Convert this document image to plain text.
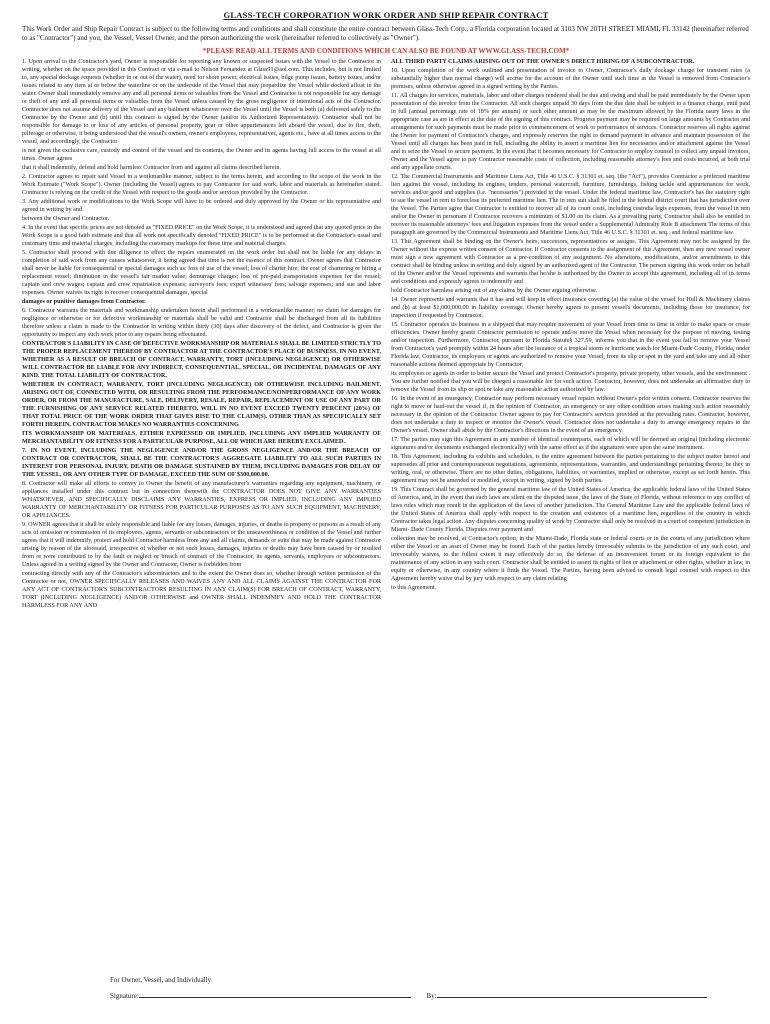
GLASS-TECH CORPORATION WORK ORDER AND SHIP REPAIR CONTRACT
This Work Order and Ship Repair Contract is subject to the following terms and conditions and shall constitute the entire contract between Glass-Tech Corp., a Florida corporation located at 3103 NW 20TH STREET MIAMI, FL 33142 (hereinafter referred to as "Contractor") and you, the Vessel, Vessel Owner, and the person authorizing the work (hereinafter referred to collectively as "Owner").
*PLEASE READ ALL TERMS AND CONDITIONS WHICH CAN ALSO BE FOUND AT WWW.GLASS-TECH.COM*

1. Upon arrival to the Contractor's yard, Owner is responsible for reporting any known or suspected issues with the Vessel to the Contractor in writing, whether on the space provided in this Contract or via e-mail to Nelson Fernandez at Glass91@aol.com. This includes, but is not limited to, any special dockage requests (whether in or out of the water), need for shore power, electrical issues, bilge pump issues, battery issues, and/or issues related to any item at or below the waterline or on the underside of the Vessel that may jeopardize the Vessel while docked afloat in the water. Owner shall immediately remove any and all personal items or valuables from the Vessel and Contractor is not responsible for any damage or theft of any and all personal items or valuables from the Vessel unless caused by the gross negligence or intentional acts of the Contractor. Contractor does not assume delivery of the Vessel and any bailment whatsoever over the Vessel until the Vessel is both (a) delivered safely to the Contractor by the Owner and (b) until this contract is signed by the Owner (and/or its Authorized Representative). Contractor shall not be responsible for damage to or loss of any articles of personal property, gear or other appurtenances left aboard the vessel, due to fire, theft, pilferage or otherwise, it being understood that the vessel's owners, owner's employees, representatives, agents etc., have at all times access to the vessel, and accordingly, the Contractor

is not given the exclusive care, custody and control of the vessel and its contents, the Owner and its agents having full access to the vessel at all times. Owner agrees

that it shall indemnify, defend and hold harmless Contractor from and against all claims described herein.

2. Contractor agrees to repair said Vessel in a workmanlike manner, subject to the terms herein, and according to the scope of the work in the Work Estimate ("Work Scope"). Owner (including the Vessel) agrees to pay Contractor for said work, labor and materials as hereinafter stated. Contractor is relying on the credit of the Vessel with respect to the goods and/or services provided by the Contractor.

3. Any additional work or modifications to the Work Scope will have to be ordered and duly approved by the Owner or his representative and agreed in writing by and

between the Owner and Contractor.

4. In the event that specific prices are not denoted as "FIXED PRICE" on the Work Scope, it is understood and agreed that any quoted price in the Work Scope is a good faith estimate and that all work not specifically denoted "FIXED PRICE" is to be performed at the Contractor's usual and customary time and material charges, including the customary markups for these time and material charges.

5. Contractor shall proceed with due diligence to effect the repairs enumerated on the work order but shall not be liable for any delays in completion of said work from any causes whatsoever, it being agreed that time is not the essence of this contract. Owner agrees that Contractor shall never be liable for consequential or special damages such as: loss of use of the vessel; loss of charter hire; the cost of chartering or hiring a replacement vessel; diminution in the vessel's fair market value; demurrage charges; loss of pre-paid transportation expenses for the vessel; captain and crew wages; captain and crew repatriation expenses; surveyor's fees; expert witnesses' fees; salvage expenses; and sue and labor expenses. Owner waives its right to recover consequential damages, special

damages or punitive damages from Contractor.

6. Contractor warrants the materials and workmanship undertaken herein shall performed in a workmanlike manner; no claim for damages for negligence or otherwise or for defective workmanship or materials shall be valid and Contractor shall be discharged from all its liabilities therefore unless a claim is made to the Contractor in writing within thirty (30) days after discovery of the defect, and Contractor is given the opportunity to inspect any such work prior to any repairs being effectuated.

CONTRACTOR'S LIABILITY IN CASE OF DEFECTIVE WORKMANSHIP OR MATERIALS SHALL BE LIMITED STRICTLY TO THE PROPER REPLACEMENT THEREOF BY CONTRACTOR AT THE CONTRACTOR'S PLACE OF BUSINESS. IN NO EVENT, WHETHER AS A RESULT OF BREACH OF CONTRACT, WARRANTY, TORT (INCLUDING NEGLIGENCE) OR OTHERWISE WILL CONTRACTOR BE LIABLE FOR ANY INDIRECT, CONSEQUENTIAL, SPECIAL, OR INCIDENTAL DAMAGES OF ANY KIND. THE TOTAL LIABILITY OF CONTRACTOR,

WHETHER IN CONTRACT, WARRANTY, TORT (INCLUDING NEGLIGENCE) OR OTHERWISE INCLUDING BAILMENT, ARISING OUT OF, CONNECTED WITH, OR RESULTING FROM THE PERFORMANCE/NONPERFORMANCE OF ANY WORK ORDER, OR FROM THE MANUFACTURE, SALE, DELIVERY, RESALE, REPAIR, REPLACEMENT OR USE OF ANY PART OR THE FURNISHING OF ANY SERVICE RELATED THERETO, WILL IN NO EVENT EXCEED TWENTY PERCENT (20%) OF THAT TOTAL PRICE OF THE WORK ORDER THAT GIVES RISE TO THE CLAIM(S). OTHER THAN AS SPECIFICALLY SET FORTH HEREIN, CONTRACTOR MAKES NO WARRANTIES CONCERNING

ITS WORKMANSHIP OR MATERIALS, EITHER EXPRESSED OR IMPLIED, INCLUDING ANY IMPLIED WARRANTY OF MERCHANTABILITY OR FITNESS FOR A PARTICULAR PURPOSE, ALL OF WHICH ARE HEREBY EXCLAIMED.

7. IN NO EVENT, INCLUDING THE NEGLIGENCE AND/OR THE GROSS NEGLIGENCE AND/OR THE BREACH OF CONTRACT OR CONTRACTOR, SHALL BE THE CONTRACTOR'S AGGREGATE LIABILITY TO ALL SUCH PARTIES IN INTEREST FOR PERSONAL INJURY, DEATH OR DAMAGE SUSTAINED BY THEM, INCLUDING DAMAGES FOR DELAY OF THE VESSEL, OR ANY OTHER TYPE OF DAMAGE, EXCEED THE SUM OF $300,000.00.

8. Contractor will make all efforts to convey to Owner the benefit of any manufacturer's warranties regarding any equipment, machinery, or appliances installed under this contract but in connection therewith the CONTRACTOR DOES NOT GIVE ANY WARRANTIES WHATSOEVER, AND SPECIFICALLY DISCLAIMS ANY WARRANTIES, EXPRESS OR IMPLIED, INCLUDING ANY IMPLIED WARRANTY OF MERCHANTABILITY OR FITNESS FOR PARTICULAR PURPOSES AS TO ANY SUCH EQUIPMENT, MACHINERY, OR APPLIANCES.

9. OWNER agrees that it shall be solely responsible and liable for any losses, damages, injuries, or deaths to property or persons as a result of any acts of omission or commission of its employees, agents, servants or subcontractors or the unseaworthiness or condition of the Vessel and further agrees that it will indemnify, protect and hold Contractor harmless from any and all claims, demands or suits that may be made against Contractor arising by reason of the aforesaid, irrespective of whether or not such losses, damages, injuries or deaths may have been caused by or resulted from or were contributed to by the fault or neglect or breach of contract of the Contractor, its agents, servants, employees or subcontractors. Unless agreed in a writing signed by the Owner and Contractor, Owner is forbidden from

contracting directly with any of the Contractor's subcontractors and to the extent the Owner does so, whether through written permission of the Contractor or not, OWNER SPECIFICALLY RELEASES AND WAIVES ANY AND ALL CLAIMS AGAINST THE CONTRACTOR FOR ANY ACT OF CONTRACTOR'S SUBCONTRACTORS RESULTING IN ANY CLAIM(S) FOR BREACH OF CONTRACT, WARRANTY, TORT (INCLUDING NEGLIGENCE) AND/OR OTHERWISE and OWNER SHALL INDEMNIFY AND HOLD THE CONTRACTOR HARMLESS FOR ANY AND

ALL THIRD PARTY CLAIMS ARISING OUT OF THE OWNER'S DIRECT HIRING OF A SUBCONTRACTOR.

10. Upon completion of the work outlined and presentation of invoice to Owner, Contractor's daily dockage charge for transient rates (a substantially higher than normal charge) will accrue for the account of the Owner until such time as the Vessel is removed from Contractor's premises, unless otherwise agreed in a signed writing by the Parties.

11. All charges for services, materials, labor and other charges rendered shall be due and owing and shall be paid immediately by the Owner upon presentation of the invoice from the Contractor. All such charges unpaid 30 days from the due date shall be subject to a finance charge, until paid in full (annual percentage rate of 18% per annum) or such other amount as may be the maximum allowed by the Florida usury laws in the appropriate case as are in effect at the date of the signing of this contract. Progress payment may be required on large amounts by Contractor and arrangements for such payments must be made prior to commencement of work or performance of services. Contractor reserves all rights against the Owner for payment of Contractor's charges, and expressly reserves the right to demand payment in advance and maintain possession of the Vessel until all charges has been paid in full, including the ability to assert a maritime lien for necessaries and/or attachment against the Vessel and to seize the Vessel to secure payment. In the event that it becomes necessary for Contractor to employ counsel to collect any unpaid invoices, Owner and the Vessel agree to pay Contractor reasonable costs of collection, including reasonable attorney's fees and costs incurred, at both trial and any appellate courts.

12. The Commercial Instruments and Maritime Liens Act, Title 46 U.S.C. § 31301 et. seq. (the "Act"), provides Contractor a preferred maritime lien against the vessel, including its engines, tenders, personal watercraft, furniture, furnishings, fishing tackle and appurtenances for work, services and/or good and supplies (i.e. "necessaries") provided to the vessel. Under the federal maritime law, Contractor's has the statutory right to sue the vessel in rem to foreclose its preferred maritime lien. The in rem suit shall be filed in the federal district court that has jurisdiction over the Vessel. The Parties agree that Contractor is entitled to recover all of its court costs, including custodia legis expenses, from the vessel in rem and/or the Owner in personam if Contractor recovers a minimum of $1.00 on its claim. As a prevailing party, Contractor shall also be entitled to recover its reasonable attorneys' fees and litigation expenses from the vessel under a Supplemental Admiralty Rule B attachment The terms of this paragraph are governed by the Commercial Instruments and Maritime Liens Act, Title 46 U.S.C. § 31301 et. seq., and federal maritime law.

13. This Agreement shall be binding on the Owner's heirs, successors, representatives or assigns. This Agreement may not be assigned by the Owner without the express written consent of Contractor. If Contractor consents to the assignment of this Agreement, then any new vessel owner must sign a new agreement with Contractor as a pre-condition of any assignment. No alterations, modifications, and/or amendments to this contract shall be binding unless in writing and duly signed by an authorized agent of the Contractor. The person signing this work order on behalf of the Owner and/or the Vessel represents and warrants that he/she is authorized by the Owner to accept this agreement, including all of its terms and conditions and expressly agrees to indemnify and

hold Contractor harmless arising out of any claims by the Owner arguing otherwise.

14. Owner represents and warrants that it has and will keep in effect insurance covering (a) the value of the vessel for Hull & Machinery claims and (b) at least $1,000,000.00 in liability coverage. Owner hereby agrees to present vessel's documents, including those for insurance, for inspection if requested by Contractor.

15. Contractor operates its business in a shipyard that may require movement of your Vessel from time to time in order to make space or create efficiencies. Owner hereby grants Contractor permission to operate and/or move the Vessel when necessary for the purpose of moving, testing and/or inspection. Furthermore, Contractor, pursuant to Florida Statute§ 327.59, informs you that in the event you fail to remove your Vessel from Contractor's yard promptly within 24 hours after the issuance of a tropical storm or hurricane watch for Miami-Dade County, Florida, under Florida law, Contractor, its employees or agents are authorized to remove your Vessel, from its slip or spot in the yard and take any and all other reasonable actions deemed appropriate by Contractor,

its employees or agents in order to better secure the Vessel and protect Contractor's property, private property, other vessels, and the environment . You are further notified that you will be charged a reasonable fee for such action. Contractor, however, does not undertake an affirmative duty to remove the Vessel from its slip or spot or take any reasonable action authorized by law.

16. In the event of an emergency, Contractor may perform necessary vessel repairs without Owner's prior written consent. Contractor reserves the right to move or haul-out the vessel if, in the opinion of Contractor, an emergency or any other condition arises making such action reasonably necessary in the opinion of the Contractor. Owner agrees to pay for Contractor's services provided at the prevailing rates. Contractor, however, does not undertake a duty to inspect or monitor the Owner's vessel. Contractor does not undertake a duty to arrange emergency repairs to the Owner's vessel. Owner shall abide by the Contractor's directions in the event of an emergency.

17. The parties may sign this Agreement in any number of identical counterparts, each of which will be deemed an original (including electronic signatures and/or documents exchanged electronically) with the same effect as if the signatures were upon the same instrument.

18. This Agreement, including its exhibits and schedules, is the entire agreement between the parties pertaining to the subject matter hereof and supersedes all prior and contemporaneous negotiations, agreements, representations, warranties, and understandings pertaining thereto, be they in writing, oral, or otherwise. There are no other duties, obligations, liabilities, or warranties, implied or otherwise, except as set forth herein. This agreement may not be amended or modified, except in writing, signed by both parties.

19. This Contract shall be governed by the general maritime law of the United States of America, the applicable federal laws of the United States of America, and, in the event that such laws are silent on the disputed issue, the laws of the State of Florida, without reference to any conflict of laws rules which may result in the application of the laws of another jurisdiction. The General Maritime Law and the applicable federal laws of the United States of America shall apply with respect to the creation and existence of a maritime lien, regardless of the country in which Contractor takes legal action. Any disputes concerning quality of work by Contractor shall only be resolved in a court of competent jurisdiction in Miami- Dade County Florida. Disputes over payment and

collection may be resolved, at Contractor's option, in the Miami-Dade, Florida state or federal courts or in the courts of any jurisdiction where either the Vessel or an asset of Owner may be found. Each of the parties hereby irrevocably submits to the jurisdiction of any such court, and irrevocably waives, to the fullest extent it may effectively do so, the defense of an inconvenient forum or its foreign equivalent to the maintenance of any action in any such court. Contractor shall be entitled to assert its rights of lien or attachment or other rights, whether in law, in equity or otherwise, in any country where it finds the Vessel. The Parties, having been advised to consult legal counsel with respect to this Agreement hereby waive trial by jury with respect to any claim relating

to this Agreement.

For Owner, Vessel, and Individually
Signature:	By:
